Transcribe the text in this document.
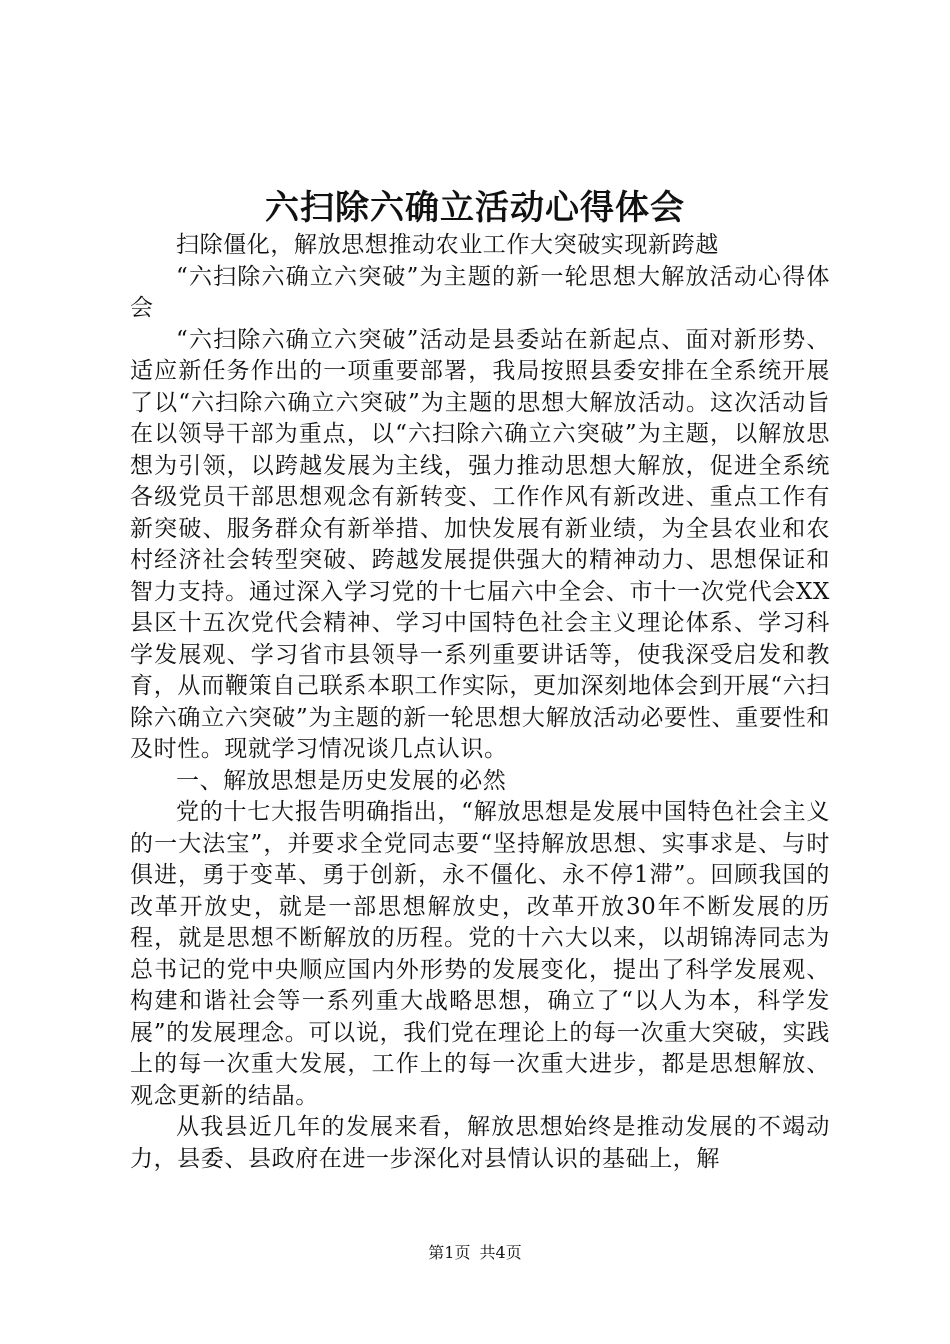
六扫除六确立活动心得体会

扫除僵化，解放思想推动农业工作大突破实现新跨越

“六扫除六确立六突破”为主题的新一轮思想大解放活动心得体会

“六扫除六确立六突破”活动是县委站在新起点、面对新形势、适应新任务作出的一项重要部署，我局按照县委安排在全系统开展了以“六扫除六确立六突破”为主题的思想大解放活动。这次活动旨在以领导干部为重点，以“六扫除六确立六突破”为主题，以解放思想为引领，以跨越发展为主线，强力推动思想大解放，促进全系统各级党员干部思想观念有新转变、工作作风有新改进、重点工作有新突破、服务群众有新举措、加快发展有新业绩，为全县农业和农村经济社会转型突破、跨越发展提供强大的精神动力、思想保证和智力支持。通过深入学习党的十七届六中全会、市十一次党代会XX县区十五次党代会精神、学习中国特色社会主义理论体系、学习科学发展观、学习省市县领导一系列重要讲话等，使我深受启发和教育，从而鞭策自己联系本职工作实际，更加深刻地体会到开展“六扫除六确立六突破”为主题的新一轮思想大解放活动必要性、重要性和及时性。现就学习情况谈几点认识。

一、解放思想是历史发展的必然

党的十七大报告明确指出，“解放思想是发展中国特色社会主义的一大法宝”，并要求全党同志要“坚持解放思想、实事求是、与时俱进，勇于变革、勇于创新，永不僵化、永不停1滞”。回顾我国的改革开放史，就是一部思想解放史，改革开放30年不断发展的历程，就是思想不断解放的历程。党的十六大以来，以胡锦涛同志为总书记的党中央顺应国内外形势的发展变化，提出了科学发展观、构建和谐社会等一系列重大战略思想，确立了“以人为本，科学发展”的发展理念。可以说，我们党在理论上的每一次重大突破，实践上的每一次重大发展，工作上的每一次重大进步，都是思想解放、观念更新的结晶。

从我县近几年的发展来看，解放思想始终是推动发展的不竭动力，县委、县政府在进一步深化对县情认识的基础上，解

第1页 共4页
